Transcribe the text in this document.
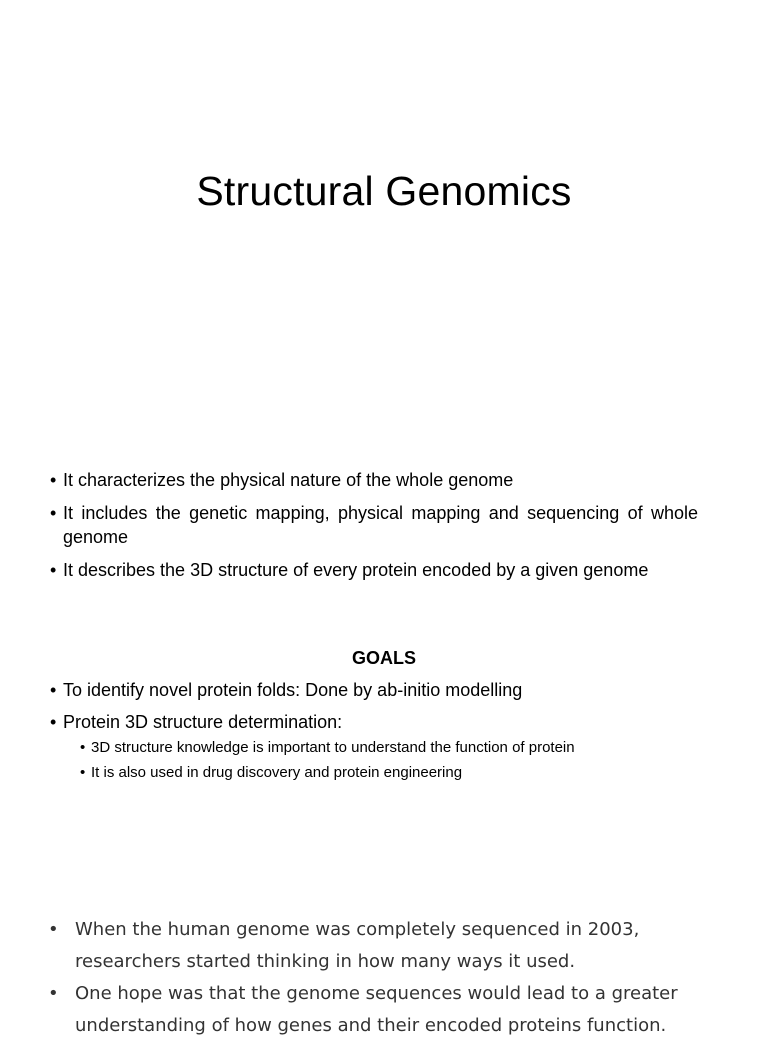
Structural Genomics
• It characterizes the physical nature of the whole genome
• It includes the genetic mapping, physical mapping and sequencing of whole genome
• It describes the 3D structure of every protein encoded by a given genome
GOALS
• To identify novel protein folds: Done by ab-initio modelling
• Protein 3D structure determination:
• 3D structure knowledge is important to understand the function of protein
• It is also used in drug discovery and protein engineering
• When the human genome was completely sequenced in 2003, researchers started thinking in how many ways it used.
• One hope was that the genome sequences would lead to a greater understanding of how genes and their encoded proteins function.
